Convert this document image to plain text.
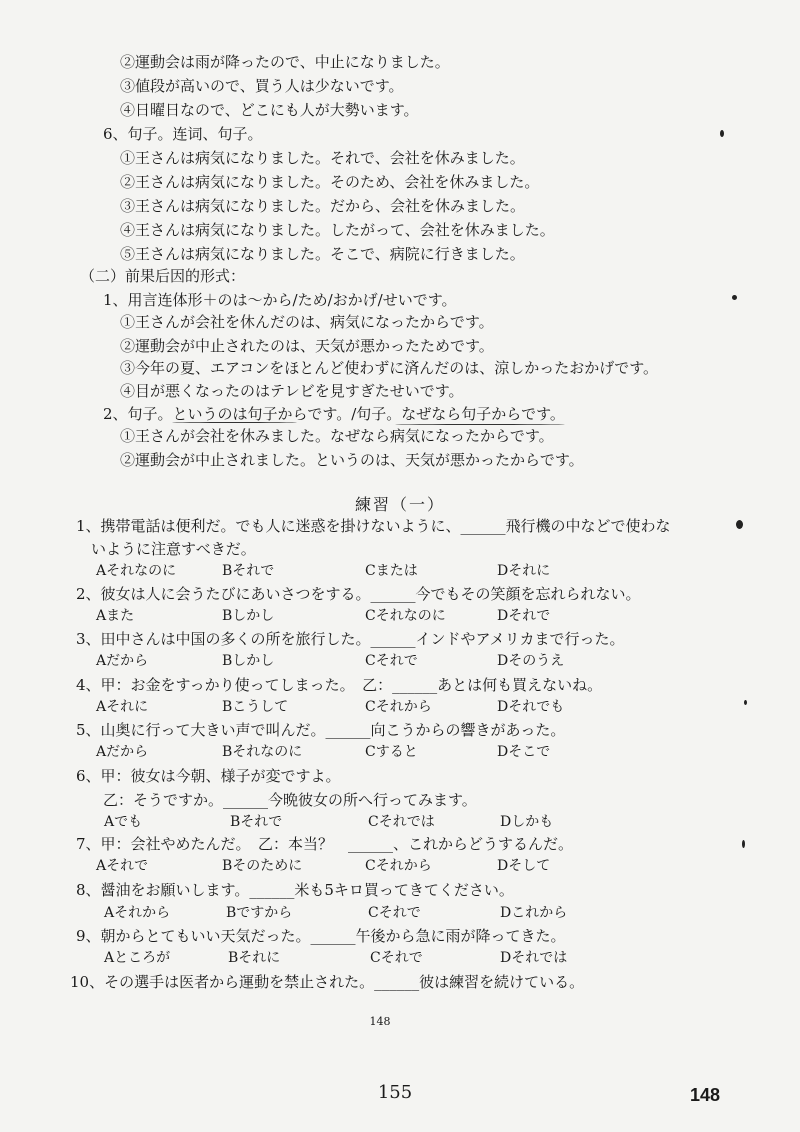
②運動会は雨が降ったので、中止になりました。
③値段が高いので、買う人は少ないです。
④日曜日なので、どこにも人が大勢います。
6、句子。连词、句子。
①王さんは病気になりました。それで、会社を休みました。
②王さんは病気になりました。そのため、会社を休みました。
③王さんは病気になりました。だから、会社を休みました。
④王さんは病気になりました。したがって、会社を休みました。
⑤王さんは病気になりました。そこで、病院に行きました。
（二）前果后因的形式：
1、用言连体形＋のは～から/ため/おかげ/せいです。
①王さんが会社を休んだのは、病気になったからです。
②運動会が中止されたのは、天気が悪かったためです。
③今年の夏、エアコンをほとんど使わずに済んだのは、涼しかったおかげです。
④目が悪くなったのはテレビを見すぎたせいです。
2、句子。というのは句子からです。/句子。なぜなら句子からです。
①王さんが会社を休みました。なぜなら病気になったからです。
②運動会が中止されました。というのは、天気が悪かったからです。
練習（一）
1、携帯電話は便利だ。でも人に迷惑を掛けないように、______飛行機の中などで使わな
　いように注意すべきだ。
Aそれなのに	Bそれで	Cまたは	Dそれに
2、彼女は人に会うたびにあいさつをする。______今でもその笑顔を忘れられない。
Aまた	Bしかし	Cそれなのに	Dそれで
3、田中さんは中国の多くの所を旅行した。______インドやアメリカまで行った。
Aだから	Bしかし	Cそれで	Dそのうえ
4、甲：お金をすっかり使ってしまった。　乙：______あとは何も買えないね。
Aそれに	Bこうして	Cそれから	Dそれでも
5、山奥に行って大きい声で叫んだ。______向こうからの響きがあった。
Aだから	Bそれなのに	Cすると	Dそこで
6、甲：彼女は今朝、様子が変ですよ。
　乙：そうですか。______今晩彼女の所へ行ってみます。
Aでも	Bそれで	Cそれでは	Dしかも
7、甲：会社やめたんだ。　乙：本当？　______、これからどうするんだ。
Aそれで	Bそのために	Cそれから	Dそして
8、醤油をお願いします。______米も5キロ買ってきてください。
Aそれから	Bですから	Cそれで	Dこれから
9、朝からとてもいい天気だった。______午後から急に雨が降ってきた。
Aところが	Bそれに	Cそれで	Dそれでは
10、その選手は医者から運動を禁止された。______彼は練習を続けている。
148
155	148
